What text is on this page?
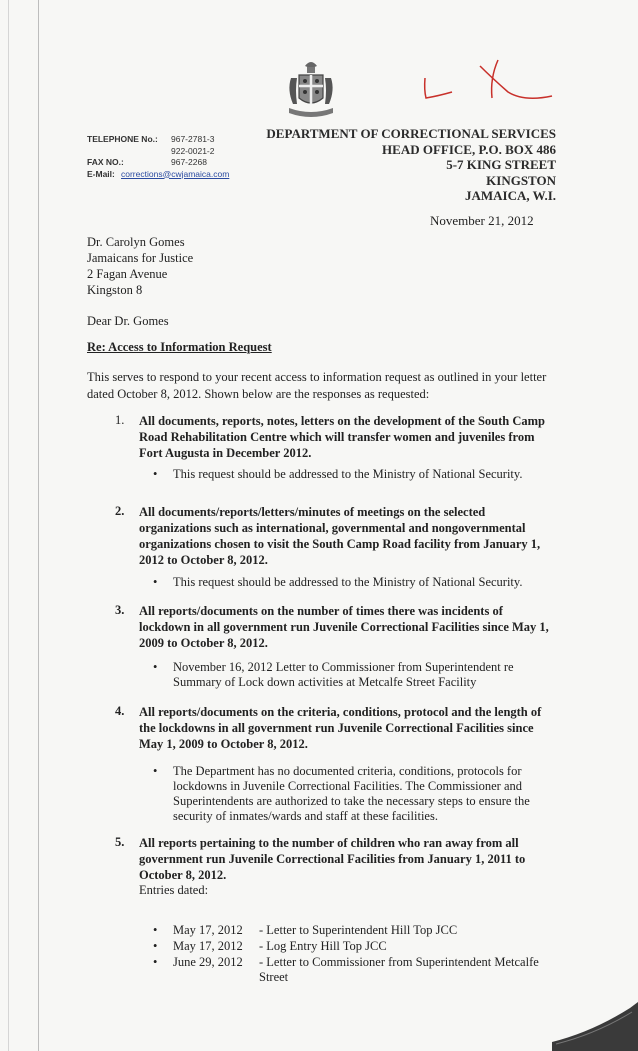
TELEPHONE No.:	967-2781-3
922-0021-2
FAX NO.:	967-2268
E-Mail: corrections@cwjamaica.com
DEPARTMENT OF CORRECTIONAL SERVICES
HEAD OFFICE, P.O. BOX 486
5-7 KING STREET
KINGSTON
JAMAICA, W.I.
November 21, 2012
Dr. Carolyn Gomes
Jamaicans for Justice
2 Fagan Avenue
Kingston 8
Dear Dr. Gomes
Re: Access to Information Request
This serves to respond to your recent access to information request as outlined in your letter dated October 8, 2012. Shown below are the responses as requested:
1. All documents, reports, notes, letters on the development of the South Camp Road Rehabilitation Centre which will transfer women and juveniles from Fort Augusta in December 2012.
• This request should be addressed to the Ministry of National Security.
2. All documents/reports/letters/minutes of meetings on the selected organizations such as international, governmental and nongovernmental organizations chosen to visit the South Camp Road facility from January 1, 2012 to October 8, 2012.
• This request should be addressed to the Ministry of National Security.
3. All reports/documents on the number of times there was incidents of lockdown in all government run Juvenile Correctional Facilities since May 1, 2009 to October 8, 2012.
• November 16, 2012 Letter to Commissioner from Superintendent re Summary of Lock down activities at Metcalfe Street Facility
4. All reports/documents on the criteria, conditions, protocol and the length of the lockdowns in all government run Juvenile Correctional Facilities since May 1, 2009 to October 8, 2012.
• The Department has no documented criteria, conditions, protocols for lockdowns in Juvenile Correctional Facilities. The Commissioner and Superintendents are authorized to take the necessary steps to ensure the security of inmates/wards and staff at these facilities.
5. All reports pertaining to the number of children who ran away from all government run Juvenile Correctional Facilities from January 1, 2011 to October 8, 2012.
Entries dated:
• May 17, 2012 - Letter to Superintendent Hill Top JCC
• May 17, 2012 - Log Entry Hill Top JCC
• June 29, 2012 - Letter to Commissioner from Superintendent Metcalfe Street
